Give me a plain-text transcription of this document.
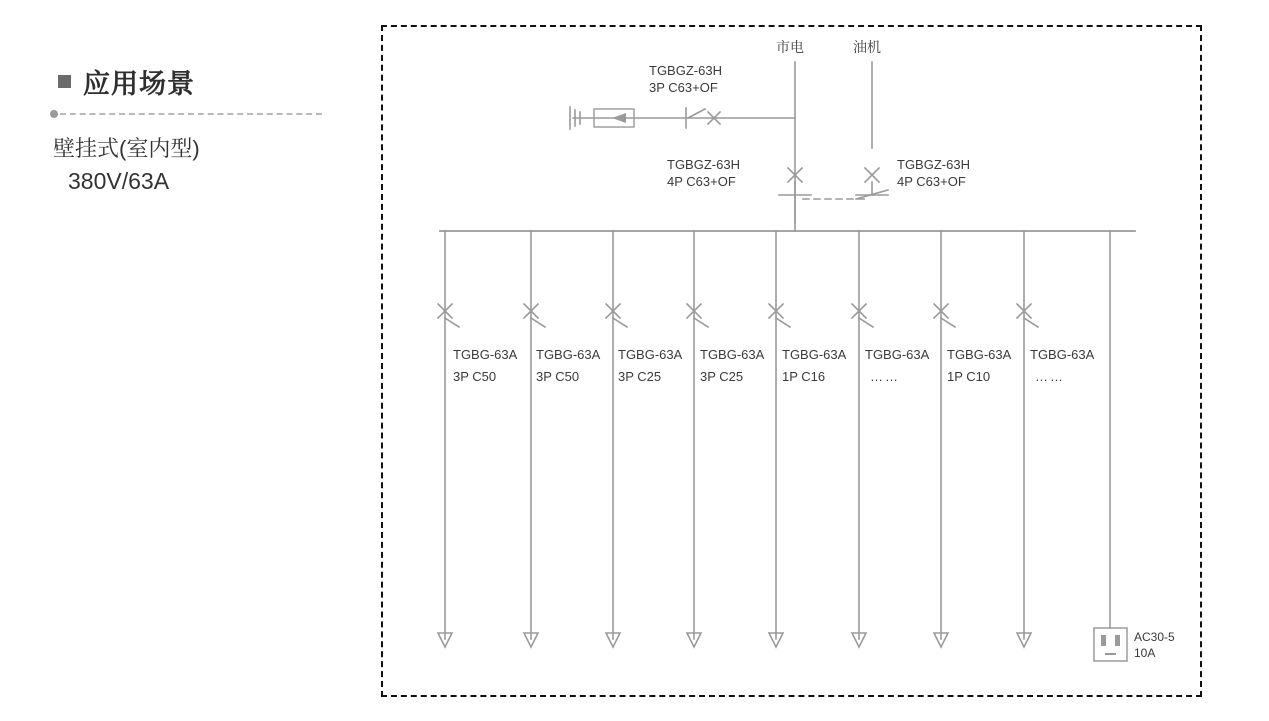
应用场景
壁挂式(室内型)
380V/63A
市电	油机
TGBGZ-63H
3P C63+OF
TGBGZ-63H
4P C63+OF
TGBGZ-63H
4P C63+OF
TGBG-63A
3P C50
TGBG-63A
3P C50
TGBG-63A
3P C25
TGBG-63A
3P C25
TGBG-63A
1P C16
TGBG-63A
……
TGBG-63A
1P C10
TGBG-63A
……
AC30-5
10A
